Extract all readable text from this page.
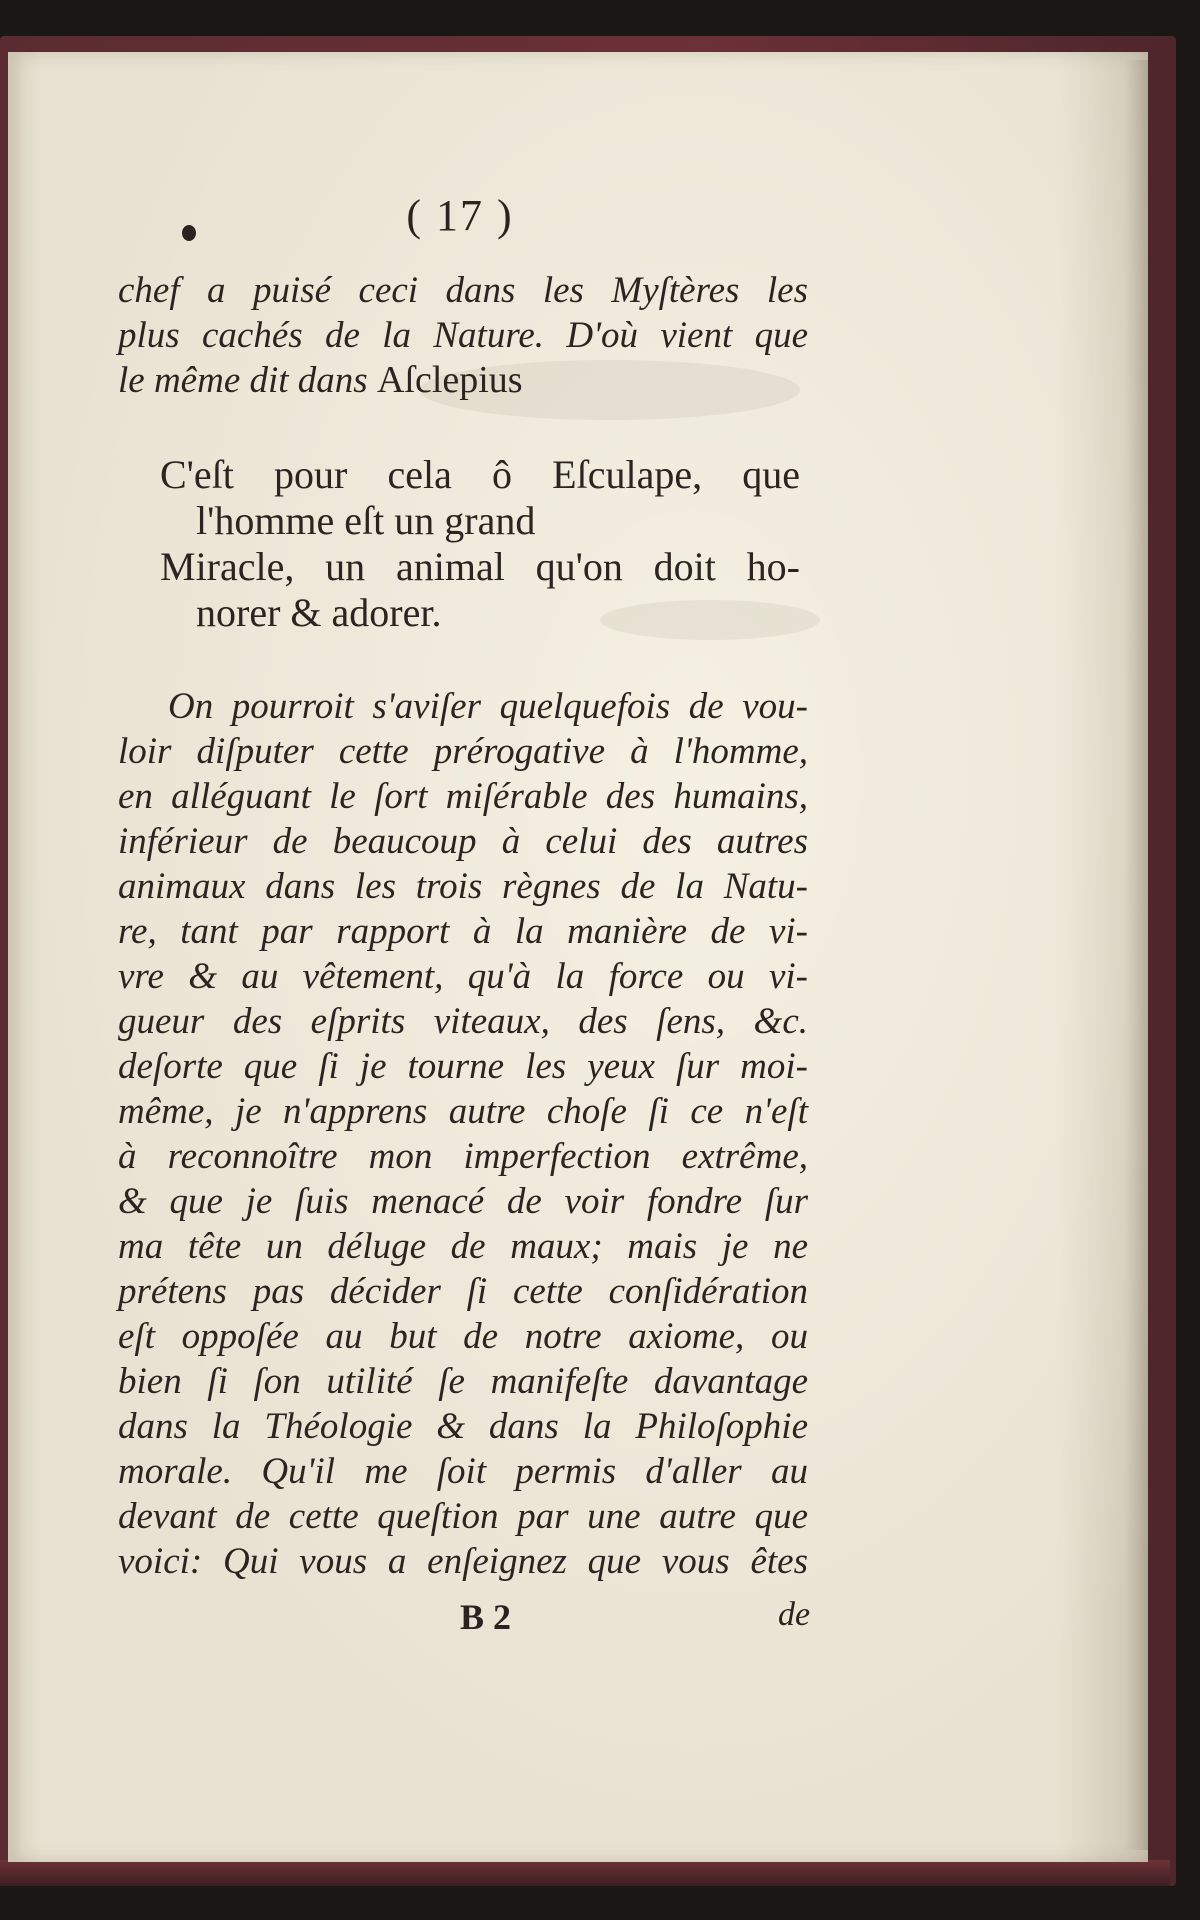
( 17 )
chef a puisé ceci dans les Myſtères les
plus cachés de la Nature. D'où vient que
le même dit dans Aſclepius
C'eſt pour cela ô Eſculape, que
l'homme eſt un grand
Miracle, un animal qu'on doit ho-
norer & adorer.
On pourroit s'aviſer quelquefois de vou-
loir diſputer cette prérogative à l'homme,
en alléguant le ſort miſérable des humains,
inférieur de beaucoup à celui des autres
animaux dans les trois règnes de la Natu-
re, tant par rapport à la manière de vi-
vre & au vêtement, qu'à la force ou vi-
gueur des eſprits viteaux, des ſens, &c.
deſorte que ſi je tourne les yeux ſur moi-
même, je n'apprens autre choſe ſi ce n'eſt
à reconnoître mon imperfection extrême,
& que je ſuis menacé de voir fondre ſur
ma tête un déluge de maux; mais je ne
prétens pas décider ſi cette conſidération
eſt oppoſée au but de notre axiome, ou
bien ſi ſon utilité ſe manifeſte davantage
dans la Théologie & dans la Philoſophie
morale. Qu'il me ſoit permis d'aller au
devant de cette queſtion par une autre que
voici: Qui vous a enſeignez que vous êtes
B 2	de
